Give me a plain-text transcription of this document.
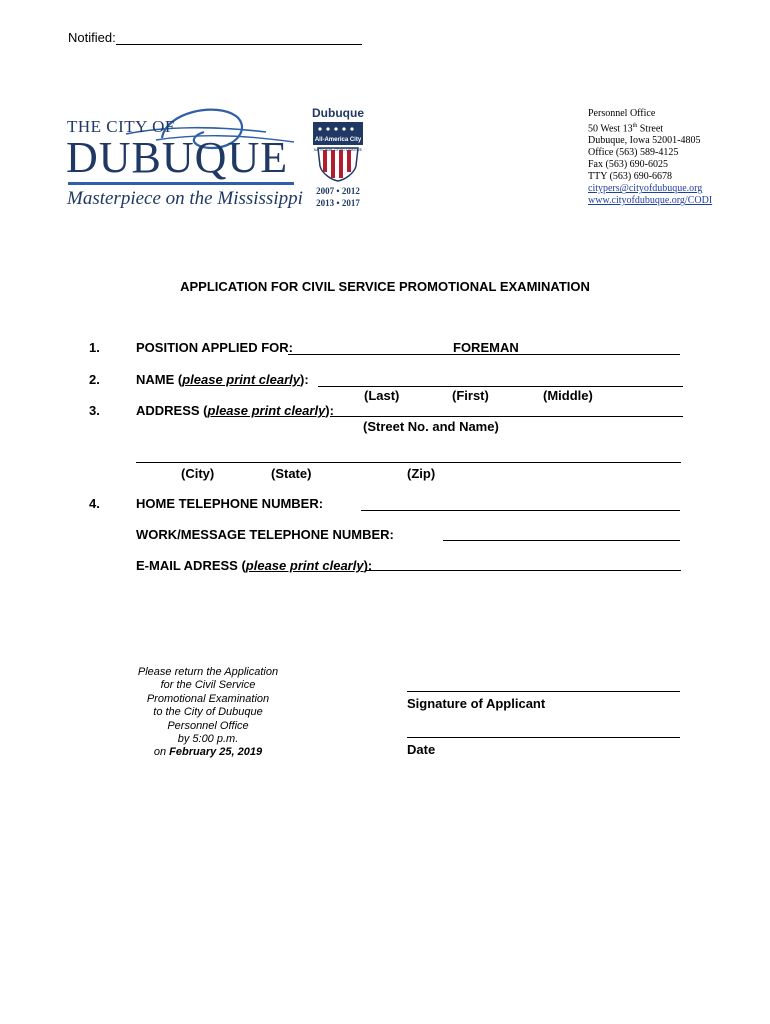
Notified:
THE CITY OF
DUBUQUE
Masterpiece on the Mississippi
Dubuque
All-America City
NATIONAL CIVIC LEAGUE
2007 • 2012
2013 • 2017
Personnel Office
50 West 13th Street
Dubuque, Iowa 52001-4805
Office (563) 589-4125
Fax (563) 690-6025
TTY (563) 690-6678
citypers@cityofdubuque.org
www.cityofdubuque.org/CODI
APPLICATION FOR CIVIL SERVICE PROMOTIONAL EXAMINATION
1.	POSITION APPLIED FOR:	FOREMAN
2.	NAME (please print clearly):
(Last)	(First)	(Middle)
3.	ADDRESS (please print clearly):
(Street No. and Name)
(City)	(State)	(Zip)
4.	HOME TELEPHONE NUMBER:
WORK/MESSAGE TELEPHONE NUMBER:
E-MAIL ADRESS (please print clearly):
Please return the Application
for the Civil Service
Promotional Examination
to the City of Dubuque
Personnel Office
by 5:00 p.m.
on February 25, 2019
Signature of Applicant
Date
